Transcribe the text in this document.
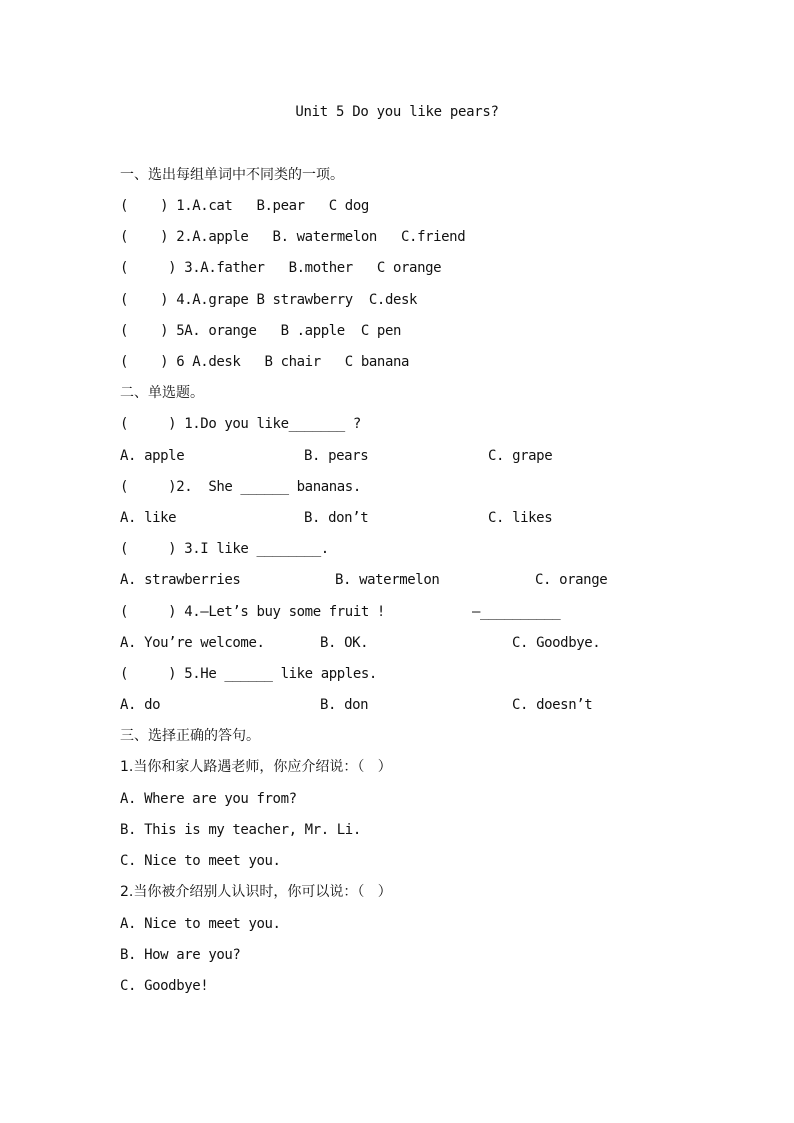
Unit 5 Do you like pears?
一、选出每组单词中不同类的一项。
(    ) 1.A.cat   B.pear   C dog
(    ) 2.A.apple   B. watermelon   C.friend
(     ) 3.A.father   B.mother   C orange
(    ) 4.A.grape B strawberry  C.desk
(    ) 5A. orange   B .apple  C pen
(    ) 6 A.desk   B chair   C banana
二、单选题。
(     ) 1.Do you like_______ ?
A. apple	B. pears	C. grape
(     )2.  She ______ bananas.
A. like	B. don’t	C. likes
(     ) 3.I like ________.
A. strawberries	B. watermelon	C. orange
(     ) 4.—Let’s buy some fruit !	—__________
A. You’re welcome.	B. OK.	C. Goodbye.
(     ) 5.He ______ like apples.
A. do	B. don	C. doesn’t
三、选择正确的答句。
1.当你和家人路遇老师，你应介绍说：（   ）
A. Where are you from?
B. This is my teacher, Mr. Li.
C. Nice to meet you.
2.当你被介绍别人认识时，你可以说：（   ）
A. Nice to meet you.
B. How are you?
C. Goodbye!
